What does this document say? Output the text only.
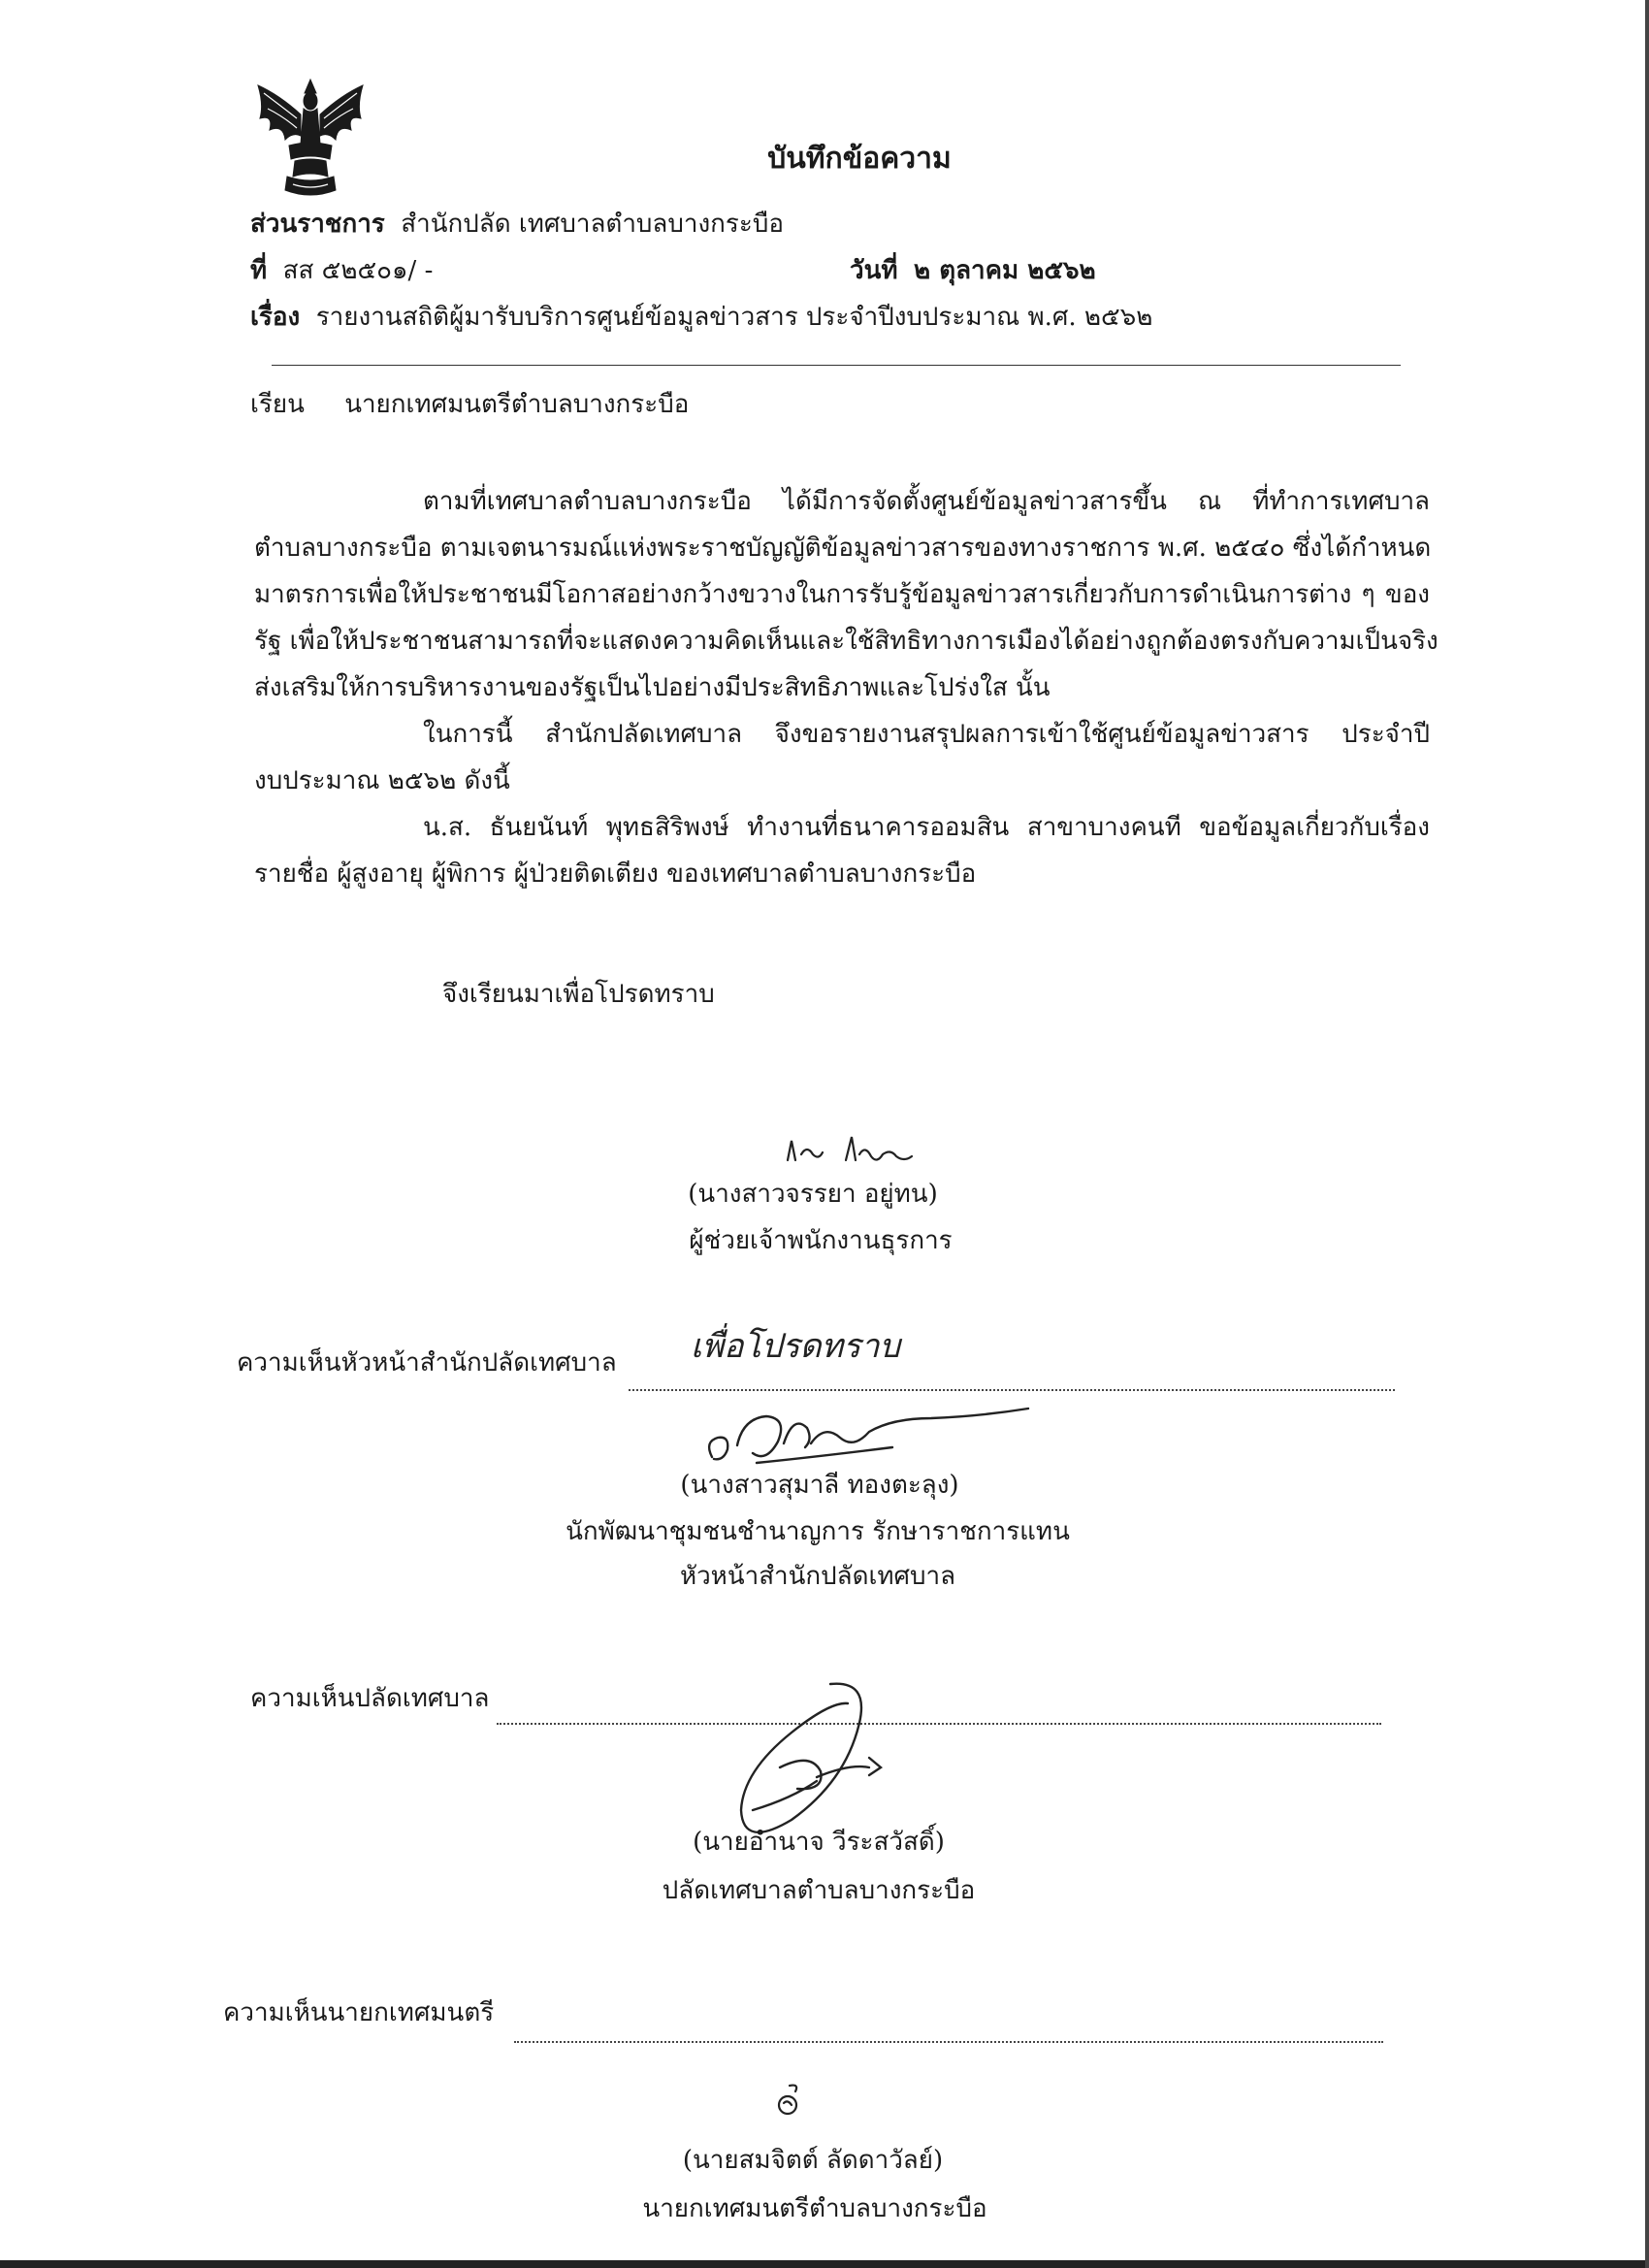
บันทึกข้อความ
ส่วนราชการ สำนักปลัด เทศบาลตำบลบางกระบือ
ที่ สส ๕๒๕๐๑/ -	วันที่ ๒ ตุลาคม ๒๕๖๒
เรื่อง รายงานสถิติผู้มารับบริการศูนย์ข้อมูลข่าวสาร ประจำปีงบประมาณ พ.ศ. ๒๕๖๒
เรียน นายกเทศมนตรีตำบลบางกระบือ
ตามที่เทศบาลตำบลบางกระบือ ได้มีการจัดตั้งศูนย์ข้อมูลข่าวสารขึ้น ณ ที่ทำการเทศบาล
ตำบลบางกระบือ ตามเจตนารมณ์แห่งพระราชบัญญัติข้อมูลข่าวสารของทางราชการ พ.ศ. ๒๕๔๐ ซึ่งได้กำหนด
มาตรการเพื่อให้ประชาชนมีโอกาสอย่างกว้างขวางในการรับรู้ข้อมูลข่าวสารเกี่ยวกับการดำเนินการต่าง ๆ ของ
รัฐ เพื่อให้ประชาชนสามารถที่จะแสดงความคิดเห็นและใช้สิทธิทางการเมืองได้อย่างถูกต้องตรงกับความเป็นจริง
ส่งเสริมให้การบริหารงานของรัฐเป็นไปอย่างมีประสิทธิภาพและโปร่งใส นั้น
ในการนี้ สำนักปลัดเทศบาล จึงขอรายงานสรุปผลการเข้าใช้ศูนย์ข้อมูลข่าวสาร ประจำปี
งบประมาณ ๒๕๖๒ ดังนี้
น.ส. ธันยนันท์ พุทธสิริพงษ์ ทำงานที่ธนาคารออมสิน สาขาบางคนที ขอข้อมูลเกี่ยวกับเรื่อง
รายชื่อ ผู้สูงอายุ ผู้พิการ ผู้ป่วยติดเตียง ของเทศบาลตำบลบางกระบือ
จึงเรียนมาเพื่อโปรดทราบ
(นางสาวจรรยา อยู่ทน)
ผู้ช่วยเจ้าพนักงานธุรการ
ความเห็นหัวหน้าสำนักปลัดเทศบาล เพื่อโปรดทราบ
(นางสาวสุมาลี ทองตะลุง)
นักพัฒนาชุมชนชำนาญการ รักษาราชการแทน
หัวหน้าสำนักปลัดเทศบาล
ความเห็นปลัดเทศบาล
(นายอำนาจ วีระสวัสดิ์)
ปลัดเทศบาลตำบลบางกระบือ
ความเห็นนายกเทศมนตรี
(นายสมจิตต์ ลัดดาวัลย์)
นายกเทศมนตรีตำบลบางกระบือ
